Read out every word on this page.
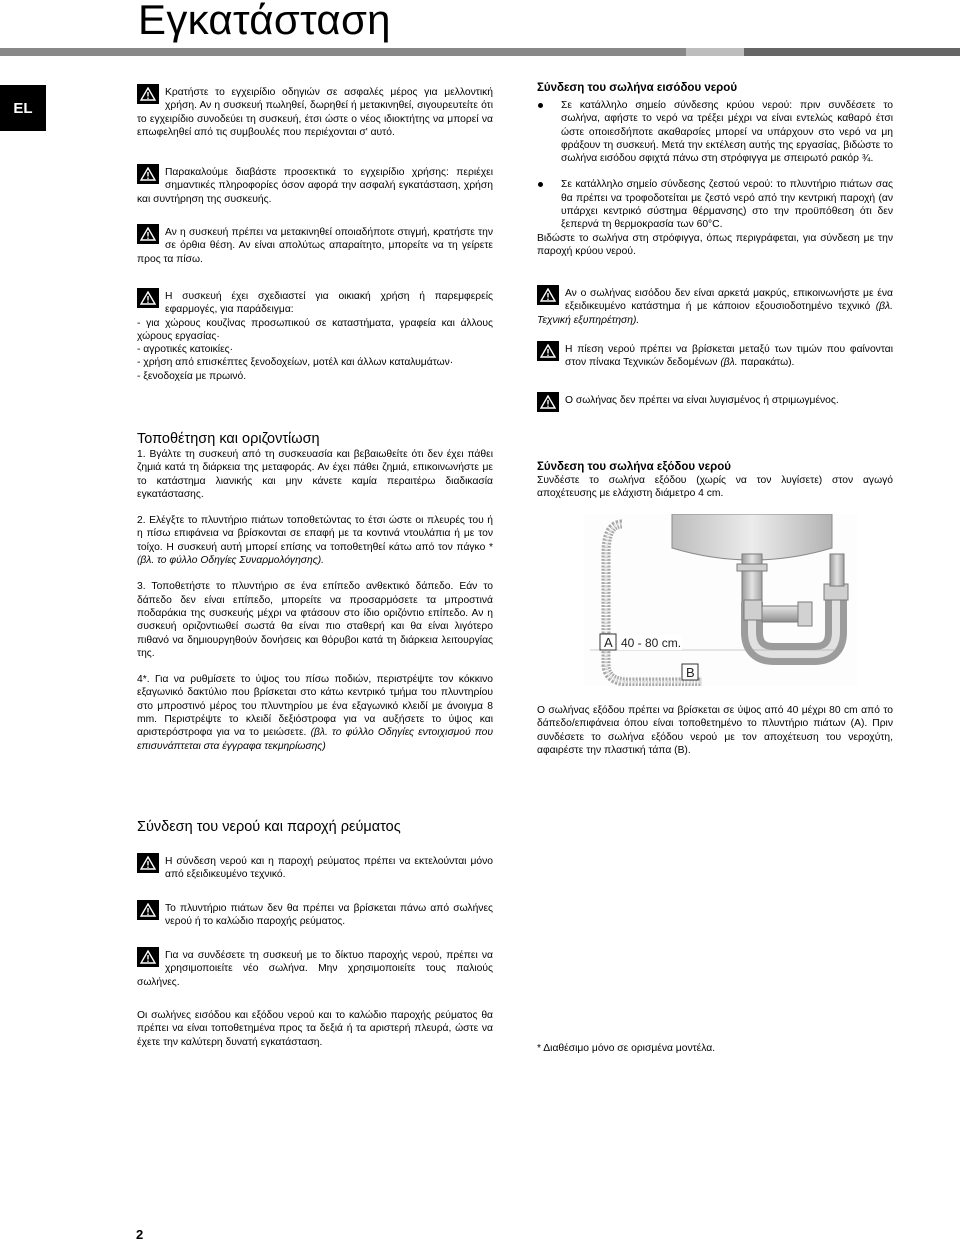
Εγκατάσταση
EL
Κρατήστε το εγχειρίδιο οδηγιών σε ασφαλές μέρος για μελλοντική χρήση. Αν η συσκευή πωληθεί, δωρηθεί ή μετακινηθεί, σιγουρευτείτε ότι το εγχειρίδιο συνοδεύει τη συσκευή, έτσι ώστε ο νέος ιδιοκτήτης να μπορεί να επωφεληθεί από τις συμβουλές που περιέχονται σ' αυτό.
Παρακαλούμε διαβάστε προσεκτικά το εγχειρίδιο χρήσης: περιέχει σημαντικές πληροφορίες όσον αφορά την ασφαλή εγκατάσταση, χρήση και συντήρηση της συσκευής.
Αν η συσκευή πρέπει να μετακινηθεί οποιαδήποτε στιγμή, κρατήστε την σε όρθια θέση. Αν είναι απολύτως απαραίτητο, μπορείτε να τη γείρετε προς τα πίσω.
Η συσκευή έχει σχεδιαστεί για οικιακή χρήση ή παρεμφερείς εφαρμογές, για παράδειγμα:
- για χώρους κουζίνας προσωπικού σε καταστήματα, γραφεία και άλλους χώρους εργασίας·
- αγροτικές κατοικίες·
- χρήση από επισκέπτες ξενοδοχείων, μοτέλ και άλλων καταλυμάτων·
- ξενοδοχεία με πρωινό.
Τοποθέτηση και οριζοντίωση

1. Βγάλτε τη συσκευή από τη συσκευασία και βεβαιωθείτε ότι δεν έχει πάθει ζημιά κατά τη διάρκεια της μεταφοράς. Αν έχει πάθει ζημιά, επικοινωνήστε με το κατάστημα λιανικής και μην κάνετε καμία περαιτέρω διαδικασία εγκατάστασης.

2. Ελέγξτε το πλυντήριο πιάτων τοποθετώντας το έτσι ώστε οι πλευρές του ή η πίσω επιφάνεια να βρίσκονται σε επαφή με τα κοντινά ντουλάπια ή με τον τοίχο. Η συσκευή αυτή μπορεί επίσης να τοποθετηθεί κάτω από τον πάγκο * (βλ. το φύλλο Οδηγίες Συναρμολόγησης).

3. Τοποθετήστε το πλυντήριο σε ένα επίπεδο ανθεκτικό δάπεδο. Εάν το δάπεδο δεν είναι επίπεδο, μπορείτε να προσαρμόσετε τα μπροστινά ποδαράκια της συσκευής μέχρι να φτάσουν στο ίδιο οριζόντιο επίπεδο. Αν η συσκευή οριζοντιωθεί σωστά θα είναι πιο σταθερή και θα είναι λιγότερο πιθανό να δημιουργηθούν δονήσεις και θόρυβοι κατά τη διάρκεια λειτουργίας της.

4*. Για να ρυθμίσετε το ύψος του πίσω ποδιών, περιστρέψτε τον κόκκινο εξαγωνικό δακτύλιο που βρίσκεται στο κάτω κεντρικό τμήμα του πλυντηρίου στο μπροστινό μέρος του πλυντηρίου με ένα εξαγωνικό κλειδί με άνοιγμα 8 mm. Περιστρέψτε το κλειδί δεξιόστροφα για να αυξήσετε το ύψος και αριστερόστροφα για να το μειώσετε. (βλ. το φύλλο Οδηγίες εντοιχισμού που επισυνάπτεται στα έγγραφα τεκμηρίωσης)

Σύνδεση του νερού και παροχή ρεύματος
Η σύνδεση νερού και η παροχή ρεύματος πρέπει να εκτελούνται μόνο από εξειδικευμένο τεχνικό.
Το πλυντήριο πιάτων δεν θα πρέπει να βρίσκεται πάνω από σωλήνες νερού ή το καλώδιο παροχής ρεύματος.
Για να συνδέσετε τη συσκευή με το δίκτυο παροχής νερού, πρέπει να χρησιμοποιείτε νέο σωλήνα. Μην χρησιμοποιείτε τους παλιούς σωλήνες.

Οι σωλήνες εισόδου και εξόδου νερού και το καλώδιο παροχής ρεύματος θα πρέπει να είναι τοποθετημένα προς τα δεξιά ή τα αριστερή πλευρά, ώστε να έχετε την καλύτερη δυνατή εγκατάσταση.

Σύνδεση του σωλήνα εισόδου νερού
Σε κατάλληλο σημείο σύνδεσης κρύου νερού: πριν συνδέσετε το σωλήνα, αφήστε το νερό να τρέξει μέχρι να είναι εντελώς καθαρό έτσι ώστε οποιεσδήποτε ακαθαρσίες μπορεί να υπάρχουν στο νερό να μη φράξουν τη συσκευή. Μετά την εκτέλεση αυτής της εργασίας, βιδώστε το σωλήνα εισόδου σφιχτά πάνω στη στρόφιγγα με σπειρωτό ρακόρ ¾.
Σε κατάλληλο σημείο σύνδεσης ζεστού νερού: το πλυντήριο πιάτων σας θα πρέπει να τροφοδοτείται με ζεστό νερό από την κεντρική παροχή (αν υπάρχει κεντρικό σύστημα θέρμανσης) στο την προϋπόθεση ότι δεν ξεπερνά τη θερμοκρασία των 60°C.

Βιδώστε το σωλήνα στη στρόφιγγα, όπως περιγράφεται, για σύνδεση με την παροχή κρύου νερού.

Αν ο σωλήνας εισόδου δεν είναι αρκετά μακρύς, επικοινωνήστε με ένα εξειδικευμένο κατάστημα ή με κάποιον εξουσιοδοτημένο τεχνικό (βλ. Τεχνική εξυπηρέτηση).
Η πίεση νερού πρέπει να βρίσκεται μεταξύ των τιμών που φαίνονται στον πίνακα Τεχνικών δεδομένων (βλ. παρακάτω).
Ο σωλήνας δεν πρέπει να είναι λυγισμένος ή στριμωγμένος.
Σύνδεση του σωλήνα εξόδου νερού

Συνδέστε το σωλήνα εξόδου (χωρίς να τον λυγίσετε) στον αγωγό αποχέτευσης με ελάχιστη διάμετρο 4 cm.

A 40 - 80 cm.
B

Ο σωλήνας εξόδου πρέπει να βρίσκεται σε ύψος από 40 μέχρι 80 cm από το δάπεδο/επιφάνεια όπου είναι τοποθετημένο το πλυντήριο πιάτων (A). Πριν συνδέσετε το σωλήνα εξόδου νερού με τον αποχέτευση του νεροχύτη, αφαιρέστε την πλαστική τάπα (B).

* Διαθέσιμο μόνο σε ορισμένα μοντέλα.

2
